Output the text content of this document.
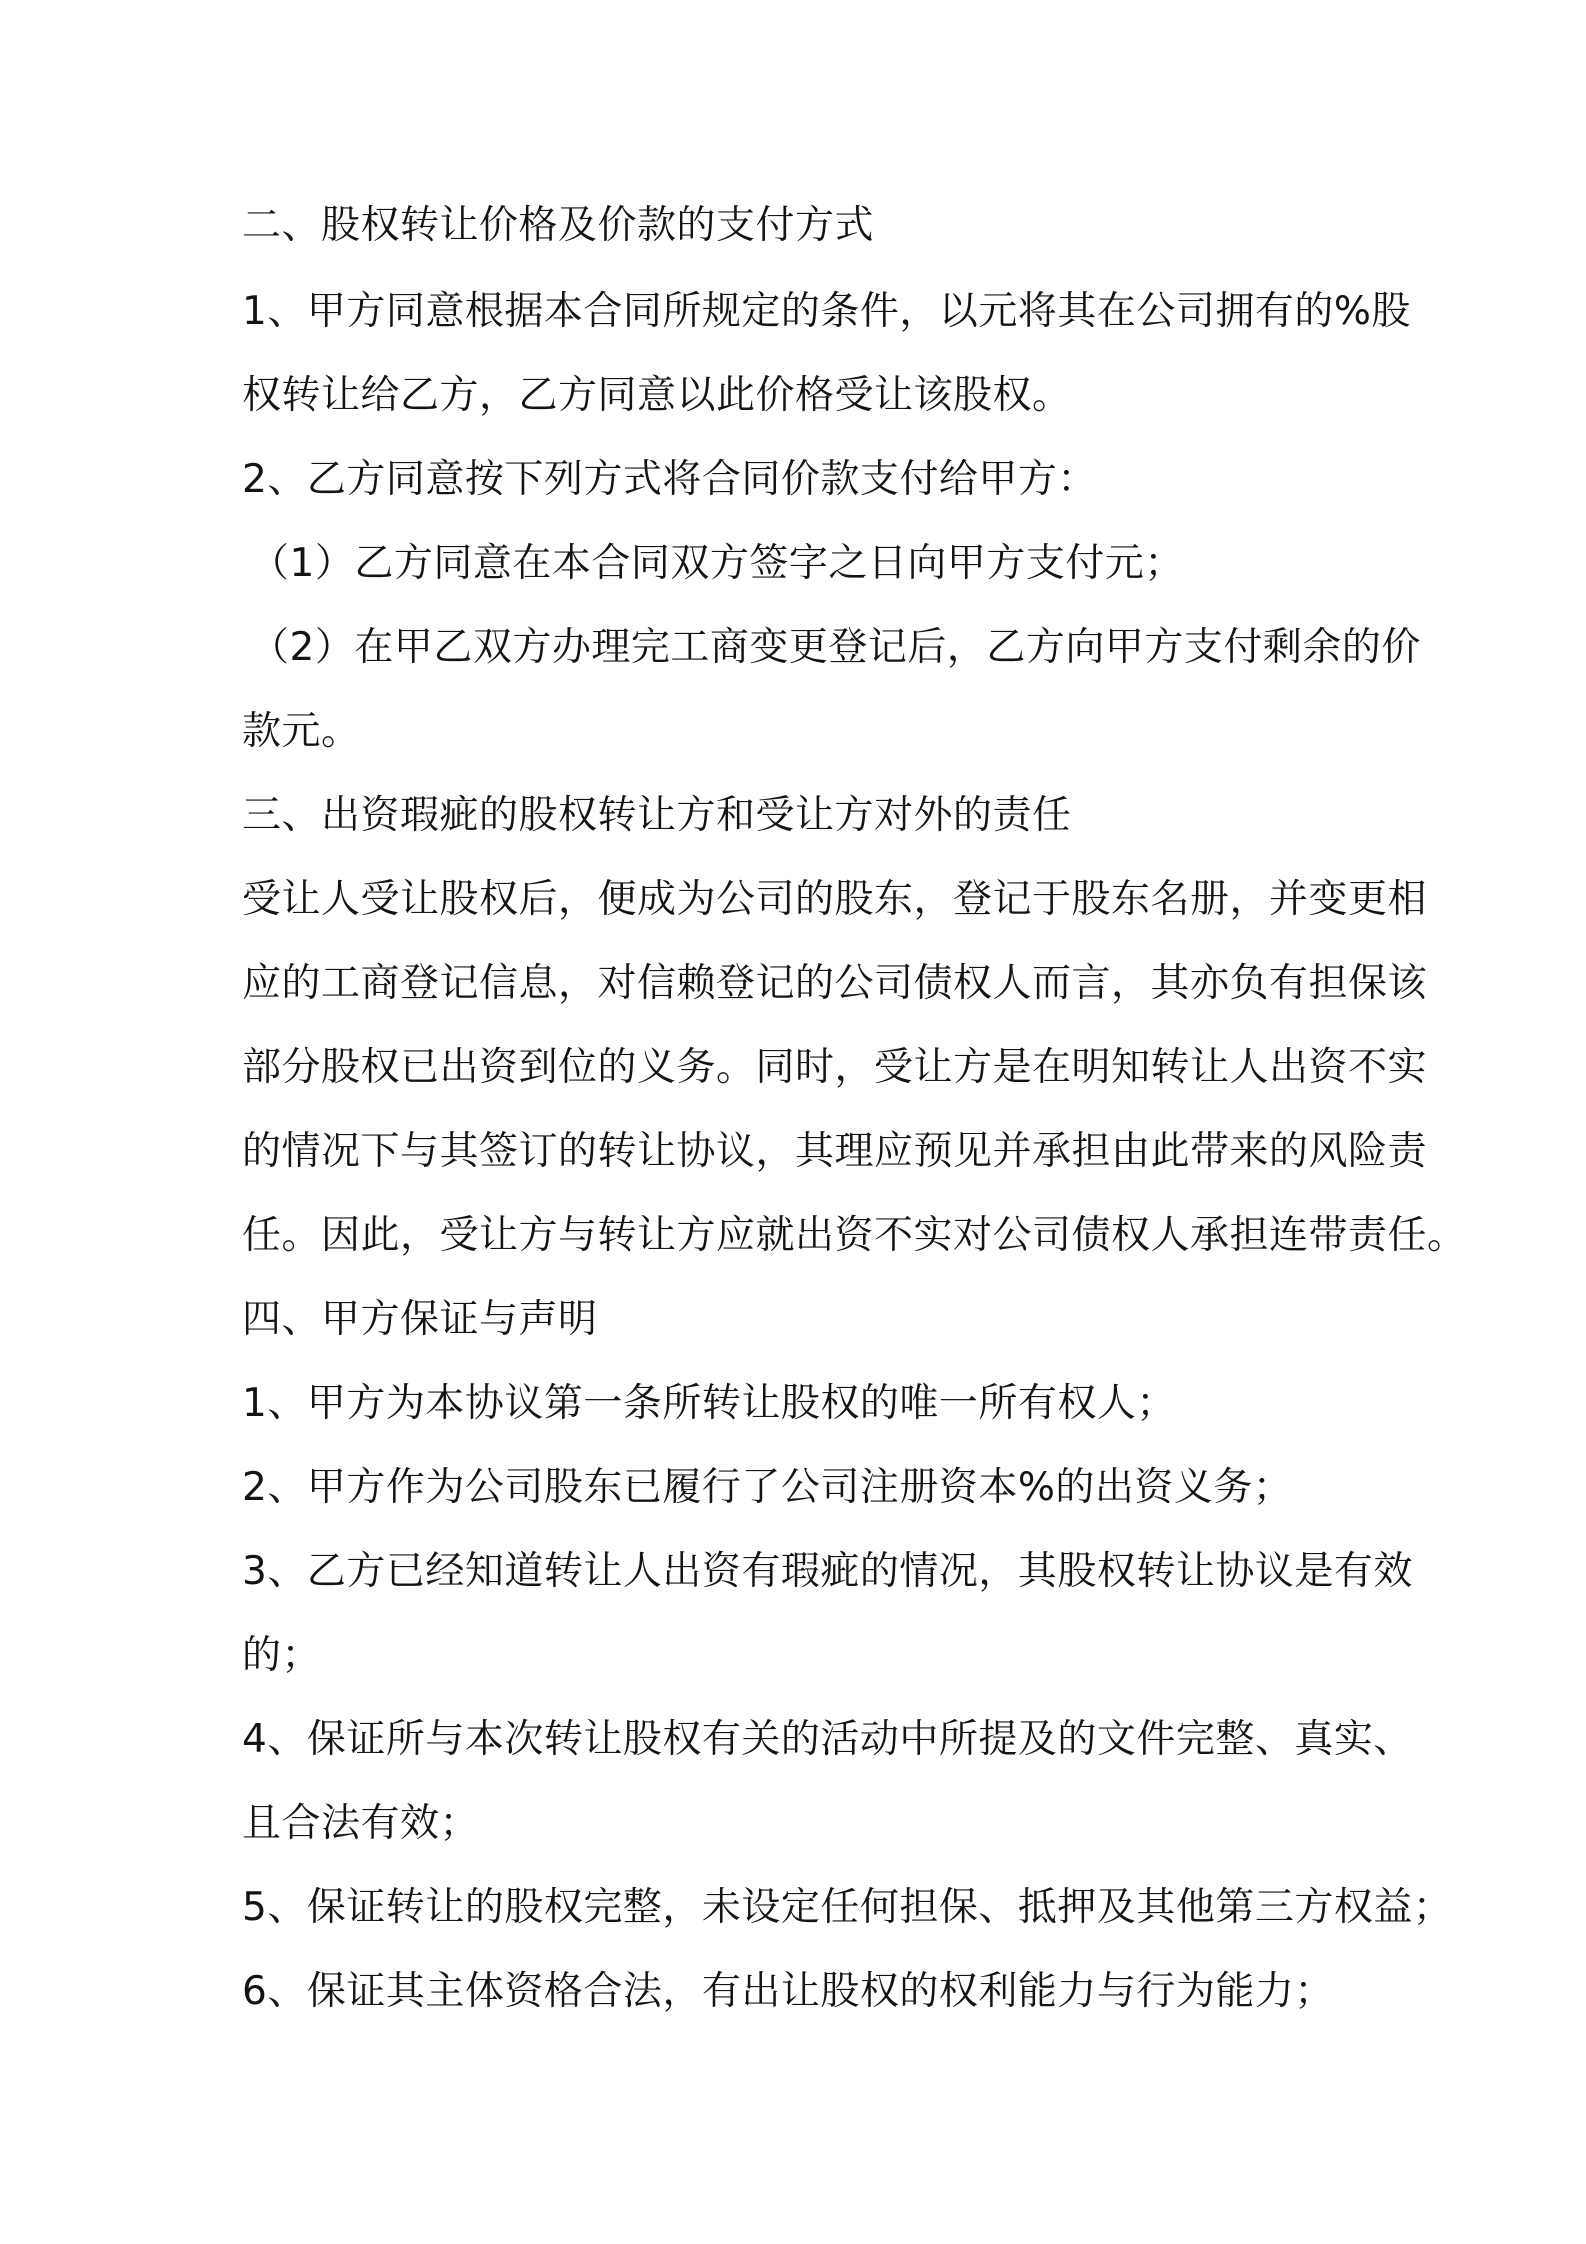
二、股权转让价格及价款的支付方式
1、甲方同意根据本合同所规定的条件，以元将其在公司拥有的%股
权转让给乙方，乙方同意以此价格受让该股权。
2、乙方同意按下列方式将合同价款支付给甲方：
（1）乙方同意在本合同双方签字之日向甲方支付元；
（2）在甲乙双方办理完工商变更登记后，乙方向甲方支付剩余的价
款元。
三、出资瑕疵的股权转让方和受让方对外的责任
受让人受让股权后，便成为公司的股东，登记于股东名册，并变更相
应的工商登记信息，对信赖登记的公司债权人而言，其亦负有担保该
部分股权已出资到位的义务。同时，受让方是在明知转让人出资不实
的情况下与其签订的转让协议，其理应预见并承担由此带来的风险责
任。因此，受让方与转让方应就出资不实对公司债权人承担连带责任。
四、甲方保证与声明
1、甲方为本协议第一条所转让股权的唯一所有权人；
2、甲方作为公司股东已履行了公司注册资本%的出资义务；
3、乙方已经知道转让人出资有瑕疵的情况，其股权转让协议是有效
的；
4、保证所与本次转让股权有关的活动中所提及的文件完整、真实、
且合法有效；
5、保证转让的股权完整，未设定任何担保、抵押及其他第三方权益；
6、保证其主体资格合法，有出让股权的权利能力与行为能力；
